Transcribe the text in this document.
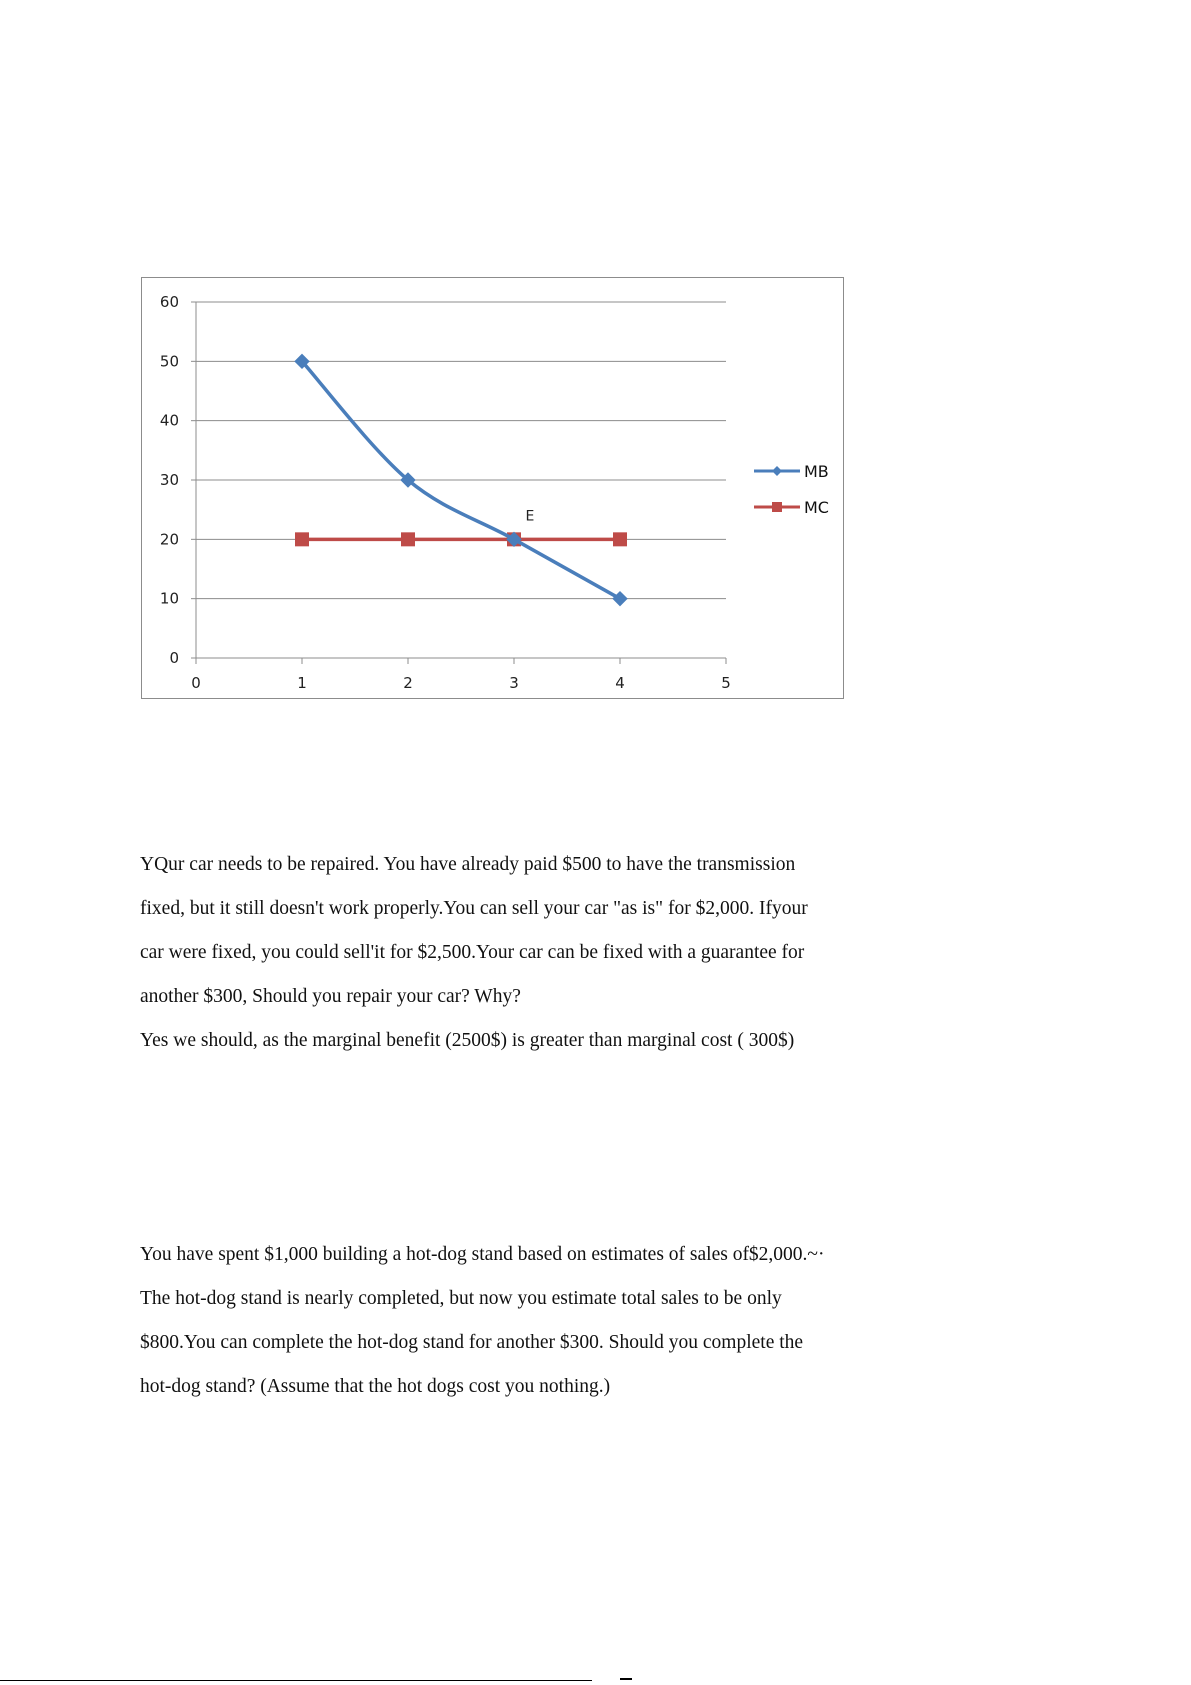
0
10
20
30
40
50
60
0	1	2	3	4	5
E
MB
MC
YQur car needs to be repaired. You have already paid $500 to have the transmission
fixed, but it still doesn't work properly.You can sell your car "as is" for $2,000. Ifyour
car were fixed, you could sell'it for $2,500.Your car can be fixed with a guarantee for
another $300, Should you repair your car? Why?
Yes we should, as the marginal benefit (2500$) is greater than marginal cost ( 300$)
You have spent $1,000 building a hot-dog stand based on estimates of sales of$2,000.~·
The hot-dog stand is nearly completed, but now you estimate total sales to be only
$800.You can complete the hot-dog stand for another $300. Should you complete the
hot-dog stand? (Assume that the hot dogs cost you nothing.)
